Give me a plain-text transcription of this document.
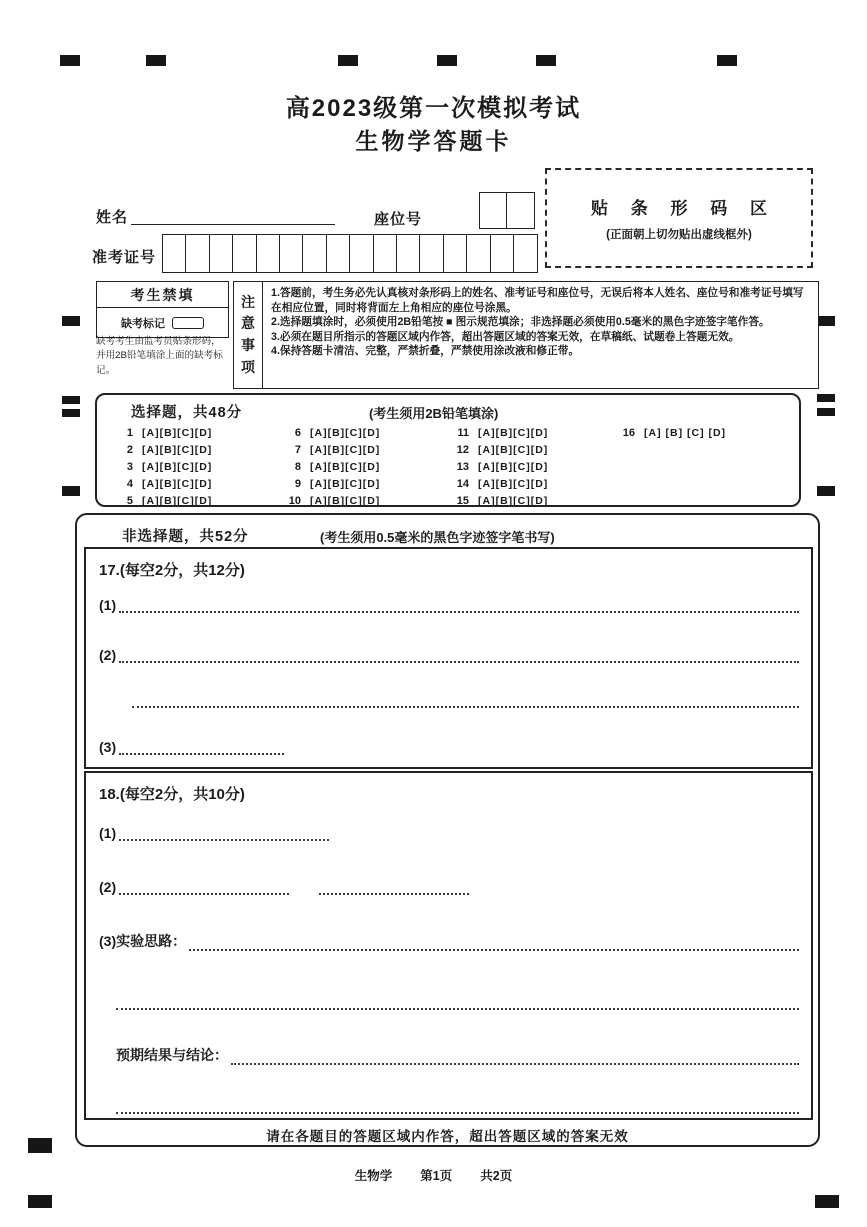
高2023级第一次模拟考试
生物学答题卡
姓名	座位号
贴 条 形 码 区
(正面朝上切勿贴出虚线框外)
准考证号
考生禁填
缺考标记
缺考考生由监考员贴条形码，并用2B铅笔填涂上面的缺考标记。
注意事项
1.答题前，考生务必先认真核对条形码上的姓名、准考证号和座位号，无误后将本人姓名、座位号和准考证号填写在相应位置，同时将背面左上角相应的座位号涂黑。
2.选择题填涂时，必须使用2B铅笔按 ■ 图示规范填涂；非选择题必须使用0.5毫米的黑色字迹签字笔作答。
3.必须在题目所指示的答题区域内作答，超出答题区域的答案无效，在草稿纸、试题卷上答题无效。
4.保持答题卡清洁、完整，严禁折叠，严禁使用涂改液和修正带。
选择题，共48分	(考生须用2B铅笔填涂)
1 [A][B][C][D]
2 [A][B][C][D]
3 [A][B][C][D]
4 [A][B][C][D]
5 [A][B][C][D]
6 [A][B][C][D]
7 [A][B][C][D]
8 [A][B][C][D]
9 [A][B][C][D]
10 [A][B][C][D]
11 [A][B][C][D]
12 [A][B][C][D]
13 [A][B][C][D]
14 [A][B][C][D]
15 [A][B][C][D]
16 [A] [B] [C] [D]
非选择题，共52分	(考生须用0.5毫米的黑色字迹签字笔书写)
17.(每空2分，共12分)
(1)
(2)
(3)
18.(每空2分，共10分)
(1)
(2)
(3)实验思路：
预期结果与结论：
请在各题目的答题区域内作答，超出答题区域的答案无效
生物学 第1页 共2页
